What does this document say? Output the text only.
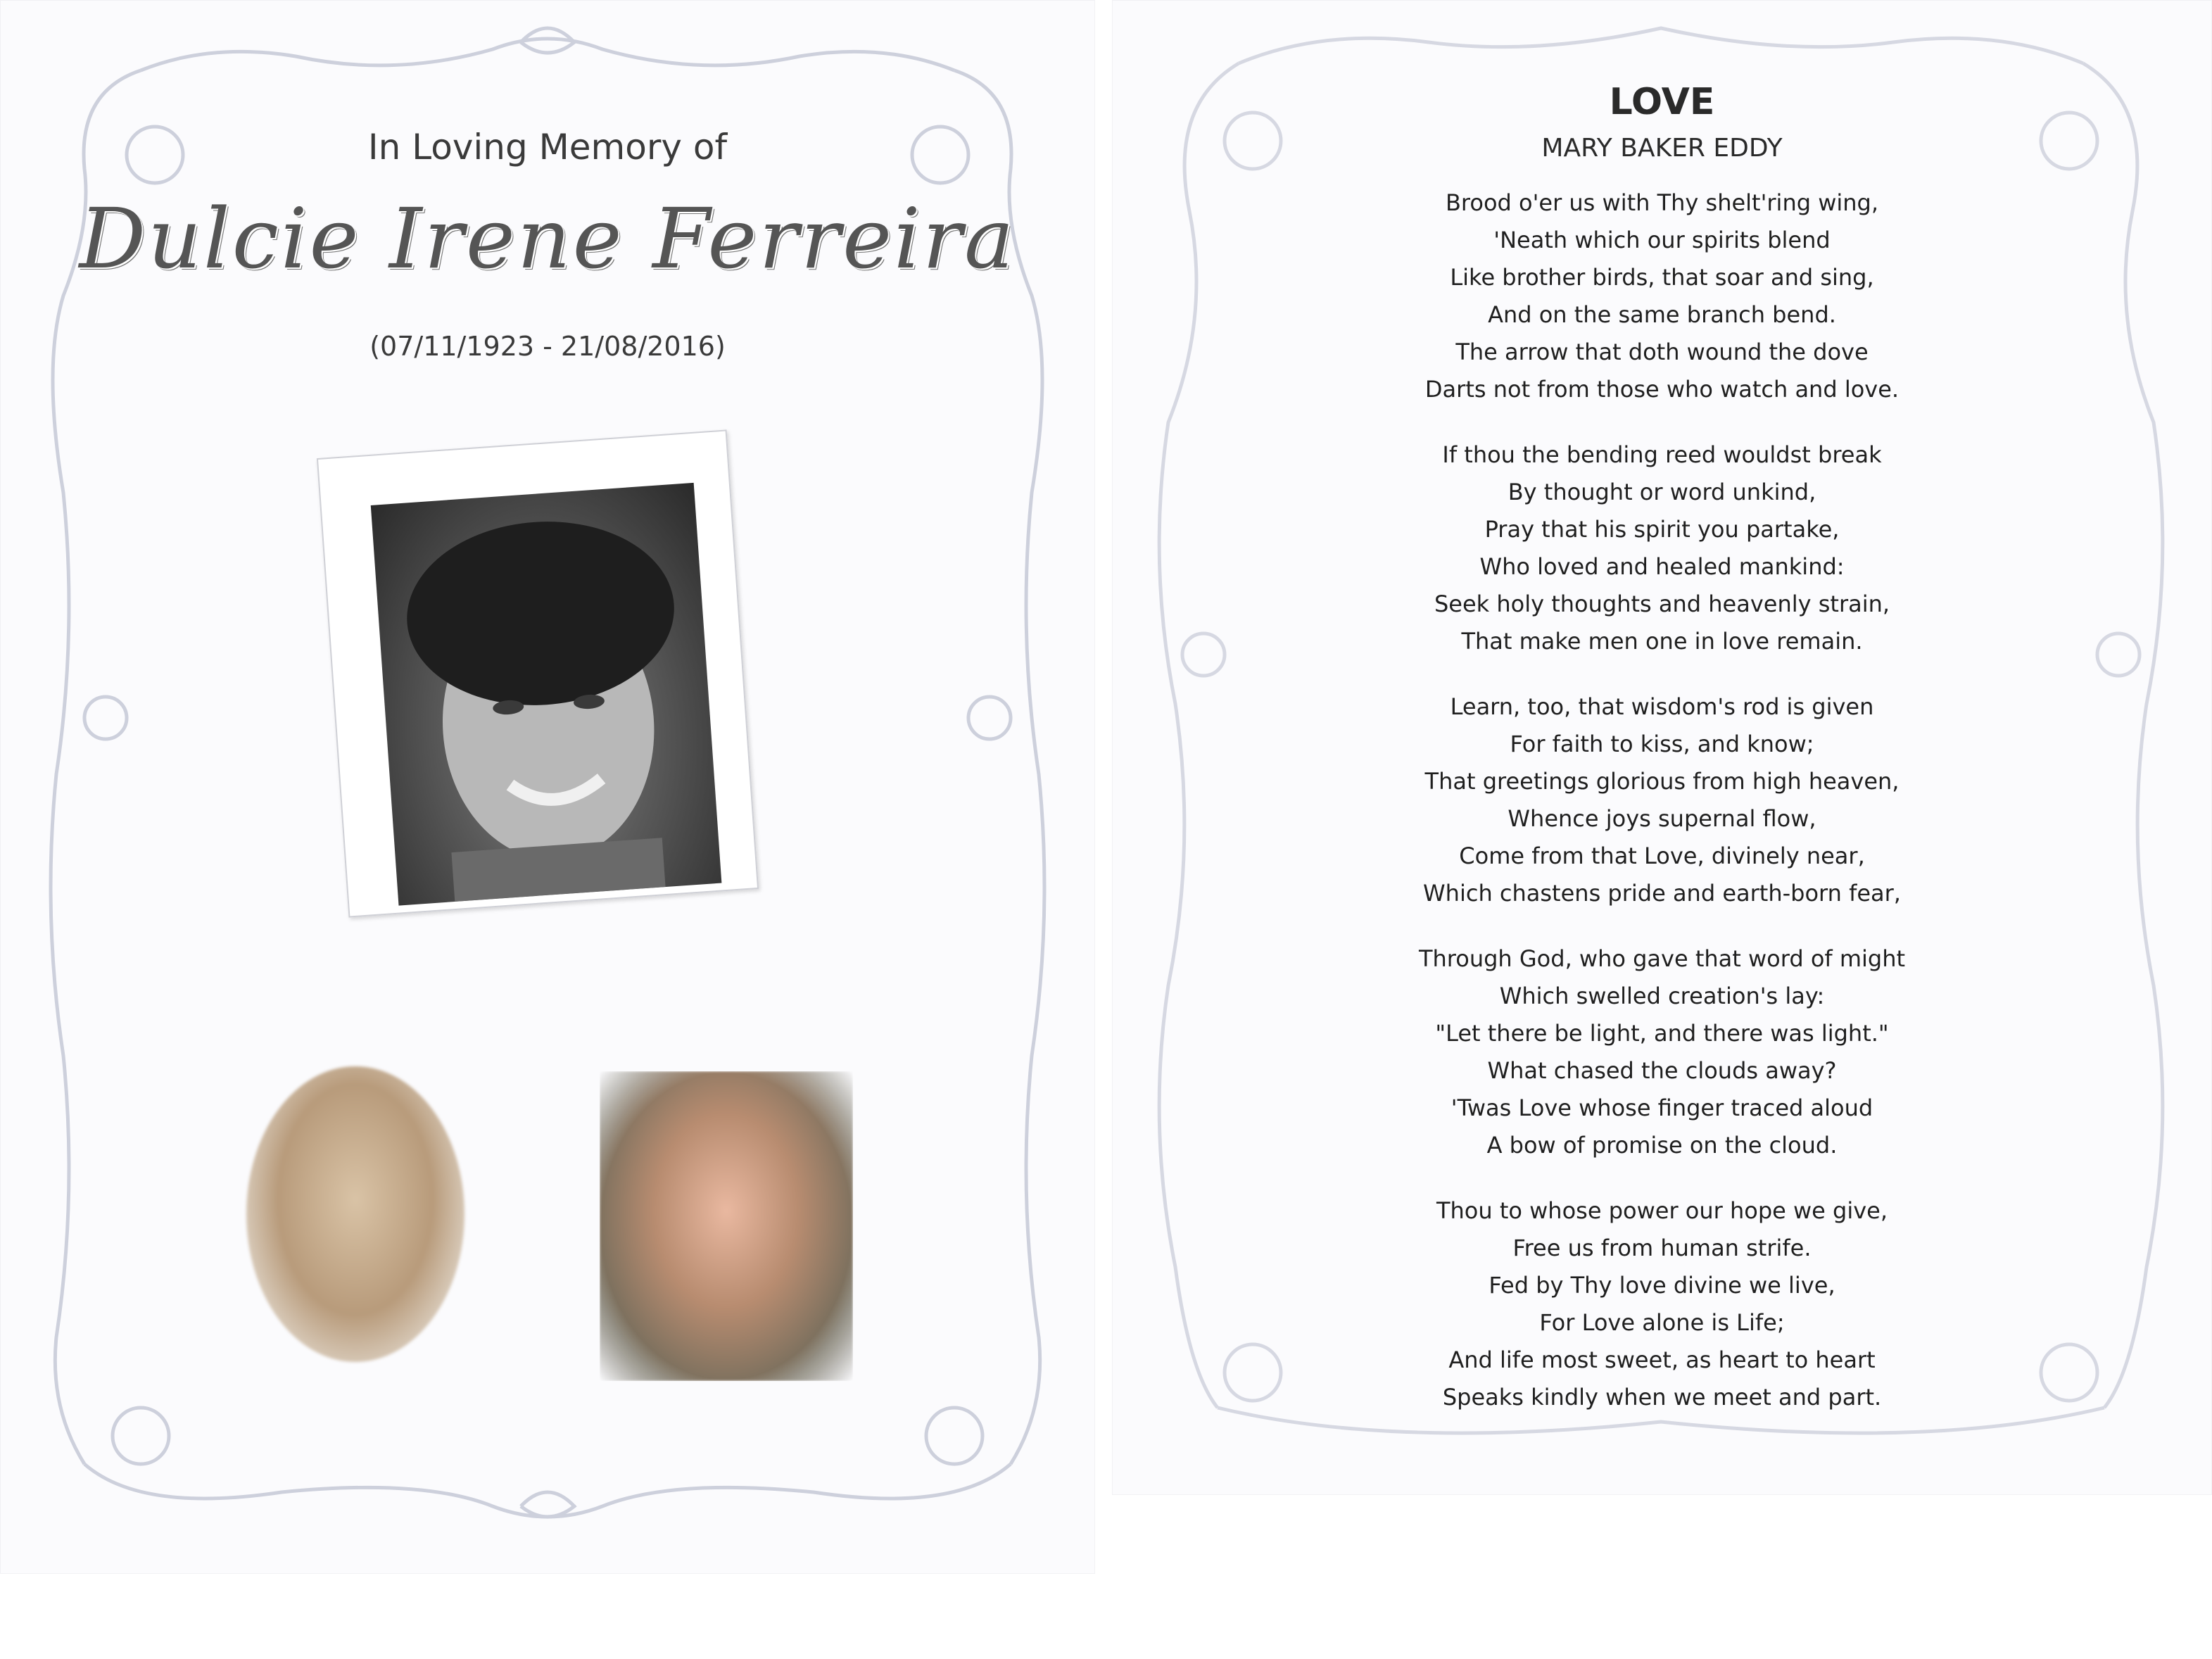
In Loving Memory of
Dulcie Irene Ferreira
(07/11/1923 - 21/08/2016)
LOVE
MARY BAKER EDDY
Brood o'er us with Thy shelt'ring wing,
'Neath which our spirits blend
Like brother birds, that soar and sing,
And on the same branch bend.
The arrow that doth wound the dove
Darts not from those who watch and love.
If thou the bending reed wouldst break
By thought or word unkind,
Pray that his spirit you partake,
Who loved and healed mankind:
Seek holy thoughts and heavenly strain,
That make men one in love remain.
Learn, too, that wisdom's rod is given
For faith to kiss, and know;
That greetings glorious from high heaven,
Whence joys supernal flow,
Come from that Love, divinely near,
Which chastens pride and earth-born fear,
Through God, who gave that word of might
Which swelled creation's lay:
"Let there be light, and there was light."
What chased the clouds away?
'Twas Love whose finger traced aloud
A bow of promise on the cloud.
Thou to whose power our hope we give,
Free us from human strife.
Fed by Thy love divine we live,
For Love alone is Life;
And life most sweet, as heart to heart
Speaks kindly when we meet and part.
